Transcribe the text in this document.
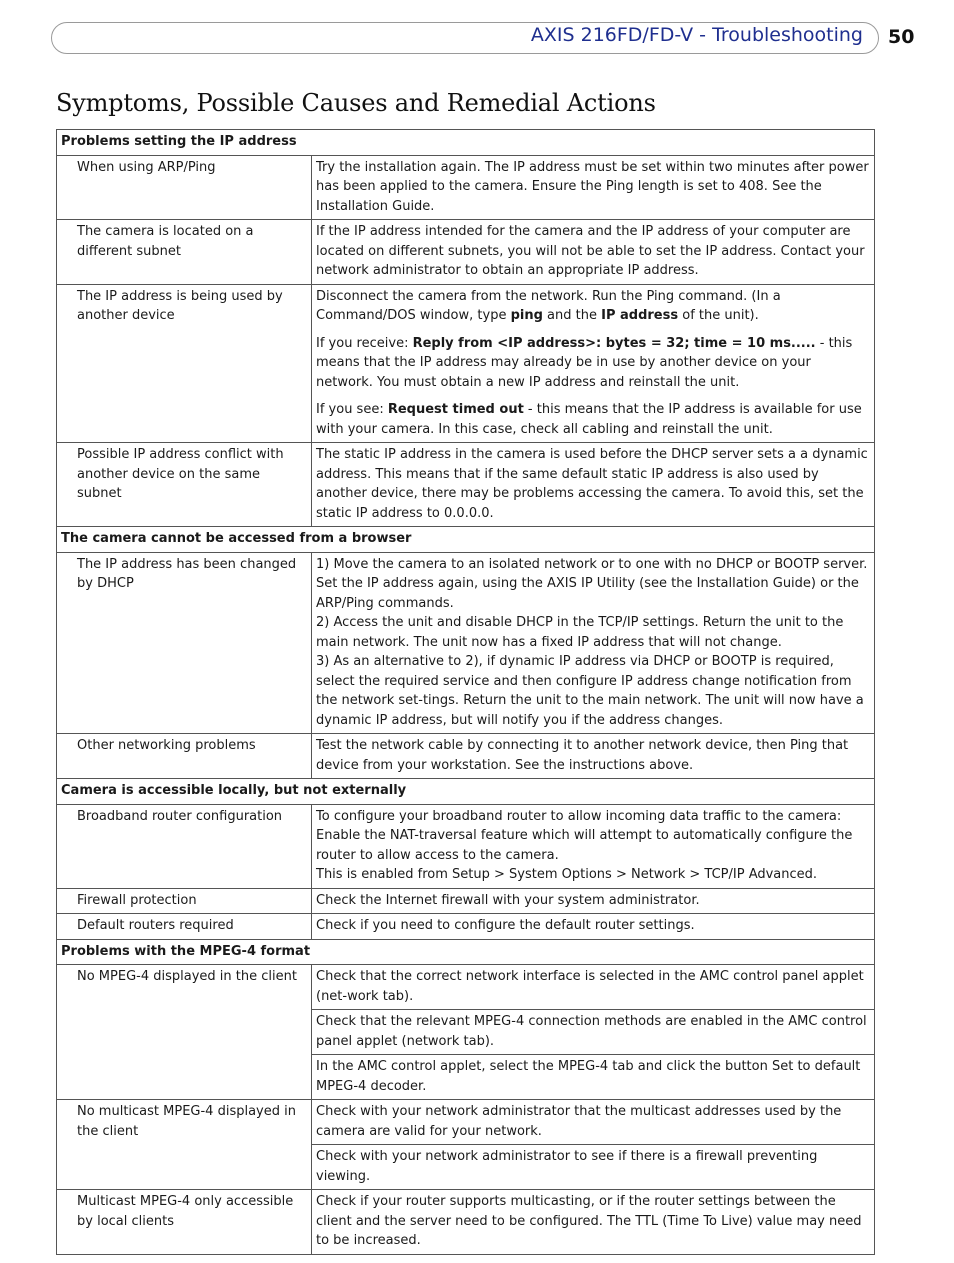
AXIS 216FD/FD-V - Troubleshooting 50
Symptoms, Possible Causes and Remedial Actions
Problems setting the IP address	
When using ARP/Ping	Try the installation again. The IP address must be set within two minutes after power has been applied to the camera. Ensure the Ping length is set to 408. See the Installation Guide.

The camera is located on a different subnet	If the IP address intended for the camera and the IP address of your computer are located on different subnets, you will not be able to set the IP address. Contact your network administrator to obtain an appropriate IP address.

The IP address is being used by another device	Disconnect the camera from the network. Run the Ping command. (In a Command/DOS window, type ping and the IP address of the unit).
If you receive: Reply from <IP address>: bytes = 32; time = 10 ms..... - this means that the IP address may already be in use by another device on your network. You must obtain a new IP address and reinstall the unit.
If you see: Request timed out - this means that the IP address is available for use with your camera. In this case, check all cabling and reinstall the unit.

Possible IP address conflict with another device on the same subnet	The static IP address in the camera is used before the DHCP server sets a a dynamic address. This means that if the same default static IP address is also used by another device, there may be problems accessing the camera. To avoid this, set the static IP address to 0.0.0.0.

The camera cannot be accessed from a browser	
The IP address has been changed by DHCP	1) Move the camera to an isolated network or to one with no DHCP or BOOTP server. Set the IP address again, using the AXIS IP Utility (see the Installation Guide) or the ARP/Ping commands.
2) Access the unit and disable DHCP in the TCP/IP settings. Return the unit to the main network. The unit now has a fixed IP address that will not change.
3) As an alternative to 2), if dynamic IP address via DHCP or BOOTP is required, select the required service and then configure IP address change notification from the network set-tings. Return the unit to the main network. The unit will now have a dynamic IP address, but will notify you if the address changes.

Other networking problems	Test the network cable by connecting it to another network device, then Ping that device from your workstation. See the instructions above.

Camera is accessible locally, but not externally	
Broadband router configuration	To configure your broadband router to allow incoming data traffic to the camera: Enable the NAT-traversal feature which will attempt to automatically configure the router to allow access to the camera.
This is enabled from Setup > System Options > Network > TCP/IP Advanced.

Firewall protection	Check the Internet firewall with your system administrator.

Default routers required	Check if you need to configure the default router settings.

Problems with the MPEG-4 format	
No MPEG-4 displayed in the client	Check that the correct network interface is selected in the AMC control panel applet (net-work tab).

	Check that the relevant MPEG-4 connection methods are enabled in the AMC control panel applet (network tab).

	In the AMC control applet, select the MPEG-4 tab and click the button Set to default MPEG-4 decoder.

No multicast MPEG-4 displayed in the client	Check with your network administrator that the multicast addresses used by the camera are valid for your network.

	Check with your network administrator to see if there is a firewall preventing viewing.

Multicast MPEG-4 only accessible by local clients	Check if your router supports multicasting, or if the router settings between the client and the server need to be configured. The TTL (Time To Live) value may need to be increased.
